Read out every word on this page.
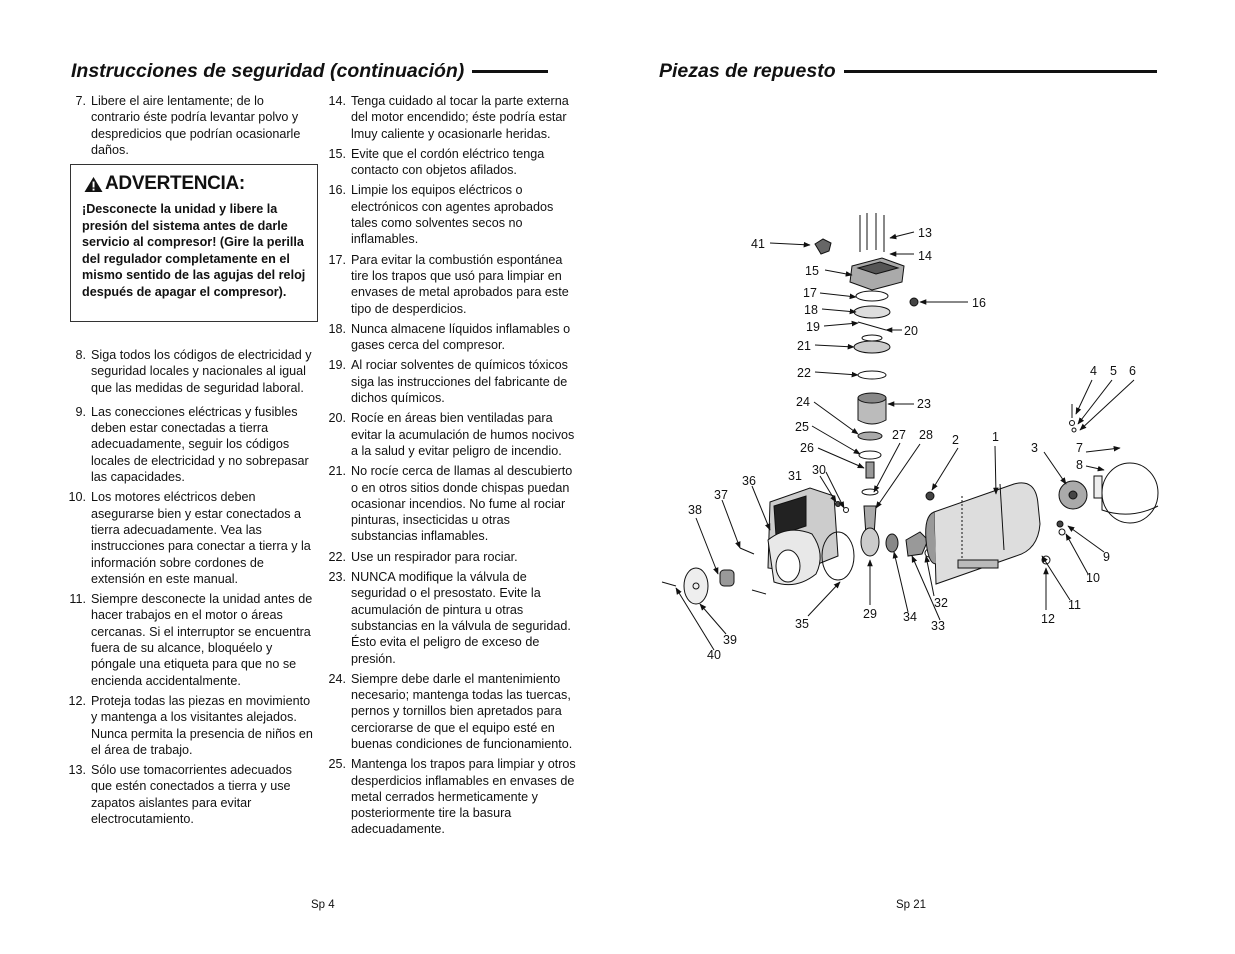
Instrucciones de seguridad (continuación)	Piezas de repuesto
7. Libere el aire lentamente; de lo contrario éste podría levantar polvo y despredicios que podrían ocasionarle daños.
ADVERTENCIA:
¡Desconecte la unidad y libere la presión del sistema antes de darle servicio al compresor! (Gire la perilla del regulador completamente en el mismo sentido de las agujas del reloj después de apagar el compresor).
8. Siga todos los códigos de electricidad y seguridad locales y nacionales al igual que las medidas de seguridad laboral.
9. Las conecciones eléctricas y fusibles deben estar conectadas a tierra adecuadamente, seguir los códigos locales de electricidad y no sobrepasar las capacidades.
10. Los motores eléctricos deben asegurarse bien y estar conectados a tierra adecuadamente. Vea las instrucciones para conectar a tierra y la información sobre cordones de extensión en este manual.
11. Siempre desconecte la unidad antes de hacer trabajos en el motor o áreas cercanas. Si el interruptor se encuentra fuera de su alcance, bloquéelo y póngale una etiqueta para que no se encienda accidentalmente.
12. Proteja todas las piezas en movimiento y mantenga a los visitantes alejados. Nunca permita la presencia de niños en el área de trabajo.
13. Sólo use tomacorrientes adecuados que estén conectados a tierra y use zapatos aislantes para evitar electrocutamiento.
14. Tenga cuidado al tocar la parte externa del motor encendido; éste podría estar lmuy caliente y ocasionarle heridas.
15. Evite que el cordón eléctrico tenga contacto con objetos afilados.
16. Limpie los equipos eléctricos o electrónicos con agentes aprobados tales como solventes secos no inflamables.
17. Para evitar la combustión espontánea tire los trapos que usó para limpiar en envases de metal aprobados para este tipo de desperdicios.
18. Nunca almacene líquidos inflamables o gases cerca del compresor.
19. Al rociar solventes de químicos tóxicos siga las instrucciones del fabricante de dichos químicos.
20. Rocíe en áreas bien ventiladas para evitar la acumulación de humos nocivos a la salud y evitar peligro de incendio.
21. No rocíe cerca de llamas al descubierto o en otros sitios donde chispas puedan ocasionar incendios. No fume al rociar pinturas, insecticidas u otras substancias inflamables.
22. Use un respirador para rociar.
23. NUNCA modifique la válvula de seguridad o el presostato. Evite la acumulación de pintura u otras substancias en la válvula de seguridad. Ésto evita el peligro de exceso de presión.
24. Siempre debe darle el mantenimiento necesario; mantenga todas las tuercas, pernos y tornillos bien apretados para cerciorarse de que el equipo esté en buenas condiciones de funcionamiento.
25. Mantenga los trapos para limpiar y otros desperdicios inflamables en envases de metal cerrados hermeticamente y posteriormente tire la basura adecuadamente.
Sp 4	Sp 21
1
2
3
4 5 6
7
8
9
10
11
12
13
14
15
16
17
18
19	20
21
22
23
24
25
26
27 28
29
30
31
32
33
34
35
36
37
38
39
40
41
